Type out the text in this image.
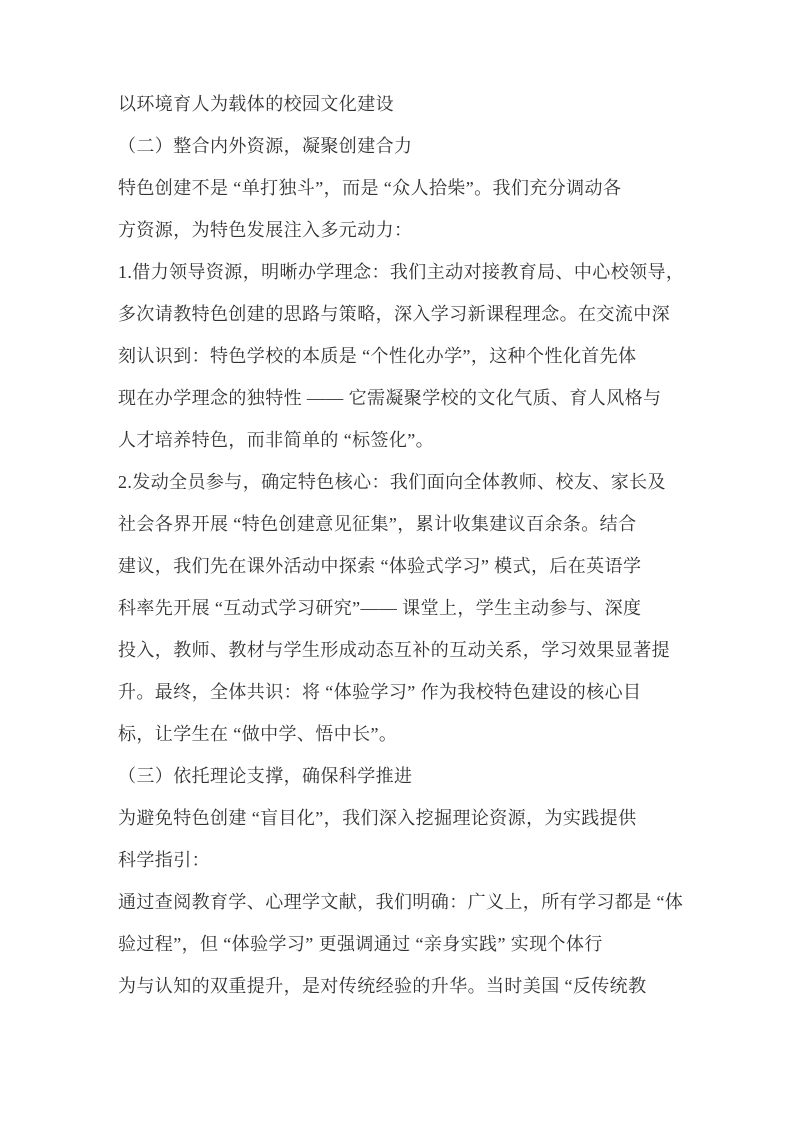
以环境育人为载体的校园文化建设

（二）整合内外资源，凝聚创建合力

特色创建不是 “单打独斗”，而是 “众人拾柴”。我们充分调动各

方资源，为特色发展注入多元动力：

1.借力领导资源，明晰办学理念：我们主动对接教育局、中心校领导，

多次请教特色创建的思路与策略，深入学习新课程理念。在交流中深

刻认识到：特色学校的本质是 “个性化办学”，这种个性化首先体

现在办学理念的独特性 —— 它需凝聚学校的文化气质、育人风格与

人才培养特色，而非简单的 “标签化”。

2.发动全员参与，确定特色核心：我们面向全体教师、校友、家长及

社会各界开展 “特色创建意见征集”，累计收集建议百余条。结合

建议，我们先在课外活动中探索 “体验式学习” 模式，后在英语学

科率先开展 “互动式学习研究”—— 课堂上，学生主动参与、深度

投入，教师、教材与学生形成动态互补的互动关系，学习效果显著提

升。最终，全体共识：将 “体验学习” 作为我校特色建设的核心目

标，让学生在 “做中学、悟中长”。

（三）依托理论支撑，确保科学推进

为避免特色创建 “盲目化”，我们深入挖掘理论资源，为实践提供

科学指引：

通过查阅教育学、心理学文献，我们明确：广义上，所有学习都是 “体

验过程”，但 “体验学习” 更强调通过 “亲身实践” 实现个体行

为与认知的双重提升，是对传统经验的升华。当时美国 “反传统教
